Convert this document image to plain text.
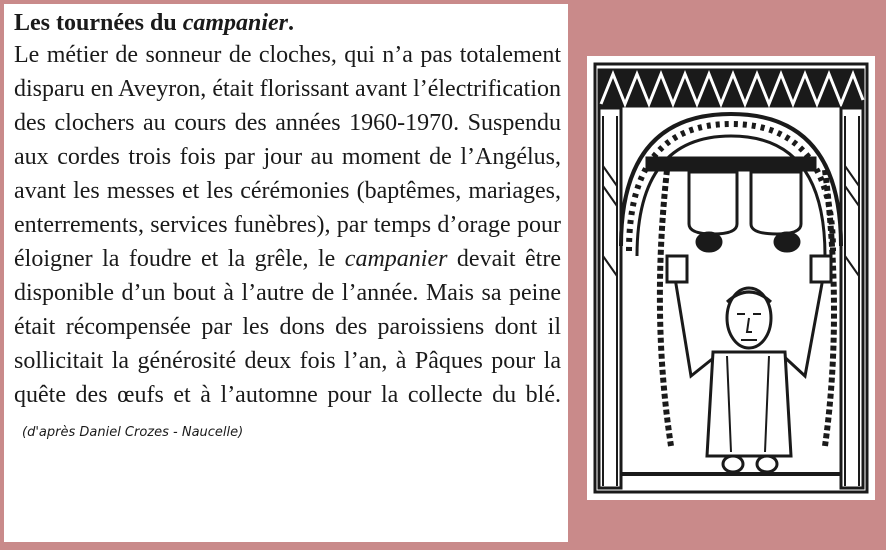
Les tournées du campanier.

Le métier de sonneur de cloches, qui n’a pas totalement disparu en Aveyron, était florissant avant l’électrification des clochers au cours des années 1960-1970. Suspendu aux cordes trois fois par jour au moment de l’Angélus, avant les messes et les cérémonies (baptêmes, mariages, enterrements, services funèbres), par temps d’orage pour éloigner la foudre et la grêle, le campanier devait être disponible d’un bout à l’autre de l’année. Mais sa peine était récompensée par les dons des paroissiens dont il sollicitait la générosité deux fois l’an, à Pâques pour la quête des œufs et à l’automne pour la collecte du blé.(d'après Daniel Crozes - Naucelle)
